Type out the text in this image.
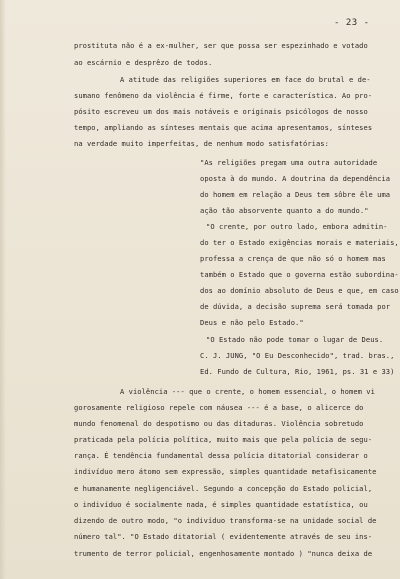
- 23 -
prostituta não é a ex-mulher, ser que possa ser espezinhado e votado
ao escárnio e desprêzo de todos.
A atitude das religiões superiores em face do brutal e de-
sumano fenômeno da violência é firme, forte e característica. Ao pro-
pósito escreveu um dos mais notáveis e originais psicólogos de nosso
tempo, ampliando as sínteses mentais que acima apresentamos, sínteses
na verdade muito imperfeitas, de nenhum modo satisfatórias:
"As religiões pregam uma outra autoridade
oposta à do mundo. A doutrina da dependência
do homem em relação a Deus tem sôbre êle uma
ação tão absorvente quanto a do mundo."
"O crente, por outro lado, embora admitin-
do ter o Estado exigências morais e materiais,
professa a crença de que não só o homem mas
também o Estado que o governa estão subordina-
dos ao domínio absoluto de Deus e que, em caso
de dúvida, a decisão suprema será tomada por
Deus e não pelo Estado."
"O Estado não pode tomar o lugar de Deus.
C. J. JUNG, "O Eu Desconhecido", trad. bras.,
Ed. Fundo de Cultura, Rio, 1961, ps. 31 e 33)
A violência --- que o crente, o homem essencial, o homem vi
gorosamente religioso repele com náusea --- é a base, o alicerce do
mundo fenomenal do despotismo ou das ditaduras. Violência sobretudo
praticada pela polícia política, muito mais que pela polícia de segu-
rança. É tendência fundamental dessa polícia ditatorial considerar o
indivíduo mero átomo sem expressão, simples quantidade metafìsicamente
e humanamente negligenciável. Segundo a concepção do Estado policial,
o indivíduo é socialmente nada, é simples quantidade estatística, ou
dizendo de outro modo, "o indivíduo transforma-se na unidade social de
número tal". "O Estado ditatorial ( evidentemente através de seu ins-
trumento de terror policial, engenhosamente montado ) "nunca deixa de
